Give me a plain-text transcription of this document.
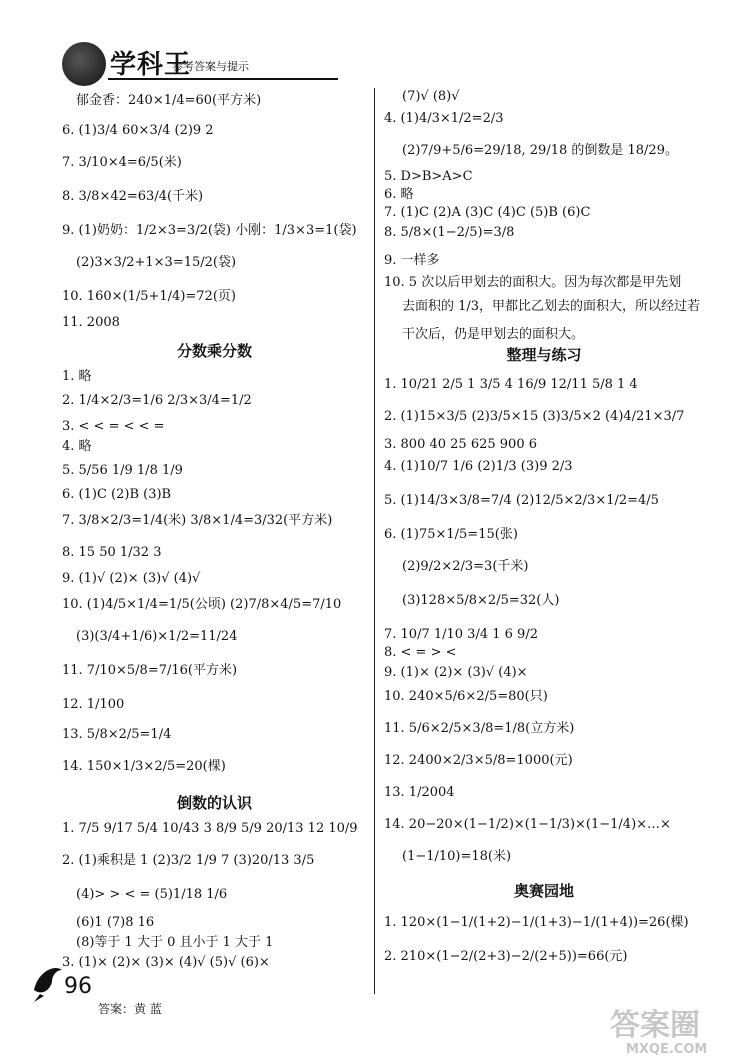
学科王
参考答案与提示
郁金香：240×1/4=60(平方米)
6. (1)3/4 60×3/4 (2)9 2
7. 3/10×4=6/5(米)
8. 3/8×42=63/4(千米)
9. (1)奶奶：1/2×3=3/2(袋) 小刚：1/3×3=1(袋)
(2)3×3/2+1×3=15/2(袋)
10. 160×(1/5+1/4)=72(页)
11. 2008
分数乘分数
1. 略
2. 1/4×2/3=1/6 2/3×3/4=1/2
3. < < = < < =
4. 略
5. 5/56 1/9 1/8 1/9
6. (1)C (2)B (3)B
7. 3/8×2/3=1/4(米) 3/8×1/4=3/32(平方米)
8. 15 50 1/32 3
9. (1)√ (2)× (3)√ (4)√
10. (1)4/5×1/4=1/5(公顷) (2)7/8×4/5=7/10
(3)(3/4+1/6)×1/2=11/24
11. 7/10×5/8=7/16(平方米)
12. 1/100
13. 5/8×2/5=1/4
14. 150×1/3×2/5=20(棵)
倒数的认识
1. 7/5 9/17 5/4 10/43 3 8/9 5/9 20/13 12 10/9
2. (1)乘积是 1 (2)3/2 1/9 7 (3)20/13 3/5
(4)> > < = (5)1/18 1/6
(6)1 (7)8 16
(8)等于 1 大于 0 且小于 1 大于 1
3. (1)× (2)× (3)× (4)√ (5)√ (6)×
(7)√ (8)√
4. (1)4/3×1/2=2/3
(2)7/9+5/6=29/18, 29/18 的倒数是 18/29。
5. D>B>A>C
6. 略
7. (1)C (2)A (3)C (4)C (5)B (6)C
8. 5/8×(1−2/5)=3/8
9. 一样多
10. 5 次以后甲划去的面积大。因为每次都是甲先划
去面积的 1/3，甲都比乙划去的面积大，所以经过若
干次后，仍是甲划去的面积大。
整理与练习
1. 10/21 2/5 1 3/5 4 16/9 12/11 5/8 1 4
2. (1)15×3/5 (2)3/5×15 (3)3/5×2 (4)4/21×3/7
3. 800 40 25 625 900 6
4. (1)10/7 1/6 (2)1/3 (3)9 2/3
5. (1)14/3×3/8=7/4 (2)12/5×2/3×1/2=4/5
6. (1)75×1/5=15(张)
(2)9/2×2/3=3(千米)
(3)128×5/8×2/5=32(人)
7. 10/7 1/10 3/4 1 6 9/2
8. < = > <
9. (1)× (2)× (3)√ (4)×
10. 240×5/6×2/5=80(只)
11. 5/6×2/5×3/8=1/8(立方米)
12. 2400×2/3×5/8=1000(元)
13. 1/2004
14. 20−20×(1−1/2)×(1−1/3)×(1−1/4)×…×
(1−1/10)=18(米)
奥赛园地
1. 120×(1−1/(1+2)−1/(1+3)−1/(1+4))=26(棵)
2. 210×(1−2/(2+3)−2/(2+5))=66(元)
96
答案：黄 蓝	答案圈
MXQE.COM
